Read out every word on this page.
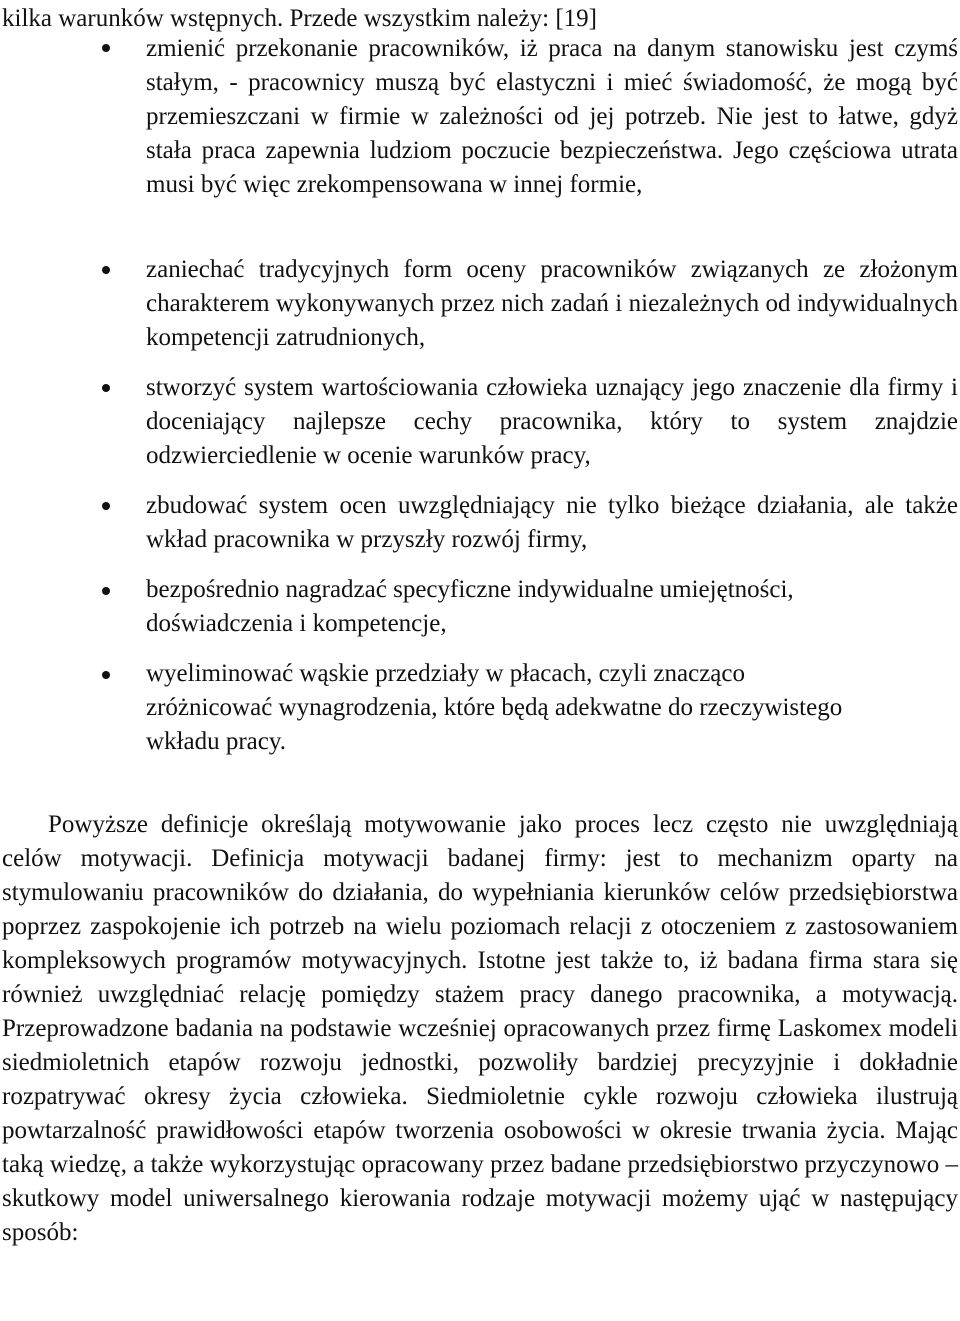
kilka warunków wstępnych. Przede wszystkim należy: [19]
zmienić przekonanie pracowników, iż praca na danym stanowisku jest czymś stałym, - pracownicy muszą być elastyczni i mieć świadomość, że mogą być przemieszczani w firmie w zależności od jej potrzeb. Nie jest to łatwe, gdyż stała praca zapewnia ludziom poczucie bezpieczeństwa. Jego częściowa utrata musi być więc zrekompensowana w innej formie,
zaniechać tradycyjnych form oceny pracowników związanych ze złożonym charakterem wykonywanych przez nich zadań i niezależnych od indywidualnych kompetencji zatrudnionych,
stworzyć system wartościowania człowieka uznający jego znaczenie dla firmy i doceniający najlepsze cechy pracownika, który to system znajdzie odzwierciedlenie w ocenie warunków pracy,
zbudować system ocen uwzględniający nie tylko bieżące działania, ale także wkład pracownika w przyszły rozwój firmy,
bezpośrednio nagradzać specyficzne indywidualne umiejętności, doświadczenia i kompetencje,
wyeliminować wąskie przedziały w płacach, czyli znacząco zróżnicować wynagrodzenia, które będą adekwatne do rzeczywistego wkładu pracy.

Powyższe definicje określają motywowanie jako proces lecz często nie uwzględniają celów motywacji. Definicja motywacji badanej firmy: jest to mechanizm oparty na stymulowaniu pracowników do działania, do wypełniania kierunków celów przedsiębiorstwa poprzez zaspokojenie ich potrzeb na wielu poziomach relacji z otoczeniem z zastosowaniem kompleksowych programów motywacyjnych. Istotne jest także to, iż badana firma stara się również uwzględniać relację pomiędzy stażem pracy danego pracownika, a motywacją. Przeprowadzone badania na podstawie wcześniej opracowanych przez firmę Laskomex modeli siedmioletnich etapów rozwoju jednostki, pozwoliły bardziej precyzyjnie i dokładnie rozpatrywać okresy życia człowieka. Siedmioletnie cykle rozwoju człowieka ilustrują powtarzalność prawidłowości etapów tworzenia osobowości w okresie trwania życia. Mając taką wiedzę, a także wykorzystując opracowany przez badane przedsiębiorstwo przyczynowo – skutkowy model uniwersalnego kierowania rodzaje motywacji możemy ująć w następujący sposób:
